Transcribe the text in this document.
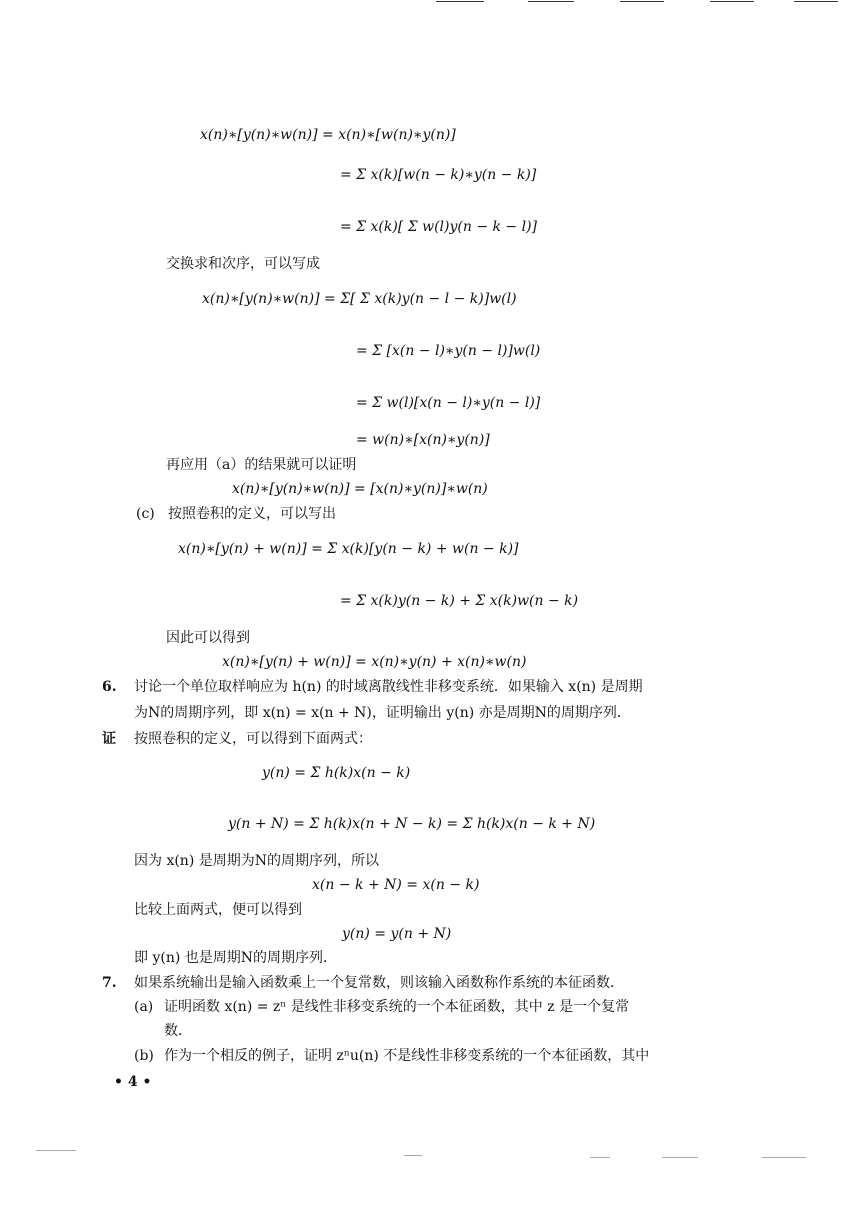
x(n)∗[y(n)∗w(n)] = x(n)∗[w(n)∗y(n)]
= Σ x(k)[w(n − k)∗y(n − k)]
= Σ x(k)[ Σ w(l)y(n − k − l)]
交换求和次序，可以写成
x(n)∗[y(n)∗w(n)] = Σ[ Σ x(k)y(n − l − k)]w(l)
= Σ [x(n − l)∗y(n − l)]w(l)
= Σ w(l)[x(n − l)∗y(n − l)]
= w(n)∗[x(n)∗y(n)]
再应用（a）的结果就可以证明
x(n)∗[y(n)∗w(n)] = [x(n)∗y(n)]∗w(n)
(c) 按照卷积的定义，可以写出
x(n)∗[y(n) + w(n)] = Σ x(k)[y(n − k) + w(n − k)]
= Σ x(k)y(n − k) + Σ x(k)w(n − k)
因此可以得到
x(n)∗[y(n) + w(n)] = x(n)∗y(n) + x(n)∗w(n)
6. 讨论一个单位取样响应为 h(n) 的时域离散线性非移变系统．如果输入 x(n) 是周期
为N的周期序列，即 x(n) = x(n + N)，证明输出 y(n) 亦是周期N的周期序列．
证 按照卷积的定义，可以得到下面两式：
y(n) = Σ h(k)x(n − k)
y(n + N) = Σ h(k)x(n + N − k) = Σ h(k)x(n − k + N)
因为 x(n) 是周期为N的周期序列，所以
x(n − k + N) = x(n − k)
比较上面两式，便可以得到
y(n) = y(n + N)
即 y(n) 也是周期N的周期序列．
7. 如果系统输出是输入函数乘上一个复常数，则该输入函数称作系统的本征函数．
(a) 证明函数 x(n) = zⁿ 是线性非移变系统的一个本征函数，其中 z 是一个复常
数．
(b) 作为一个相反的例子，证明 zⁿu(n) 不是线性非移变系统的一个本征函数，其中
• 4 •
